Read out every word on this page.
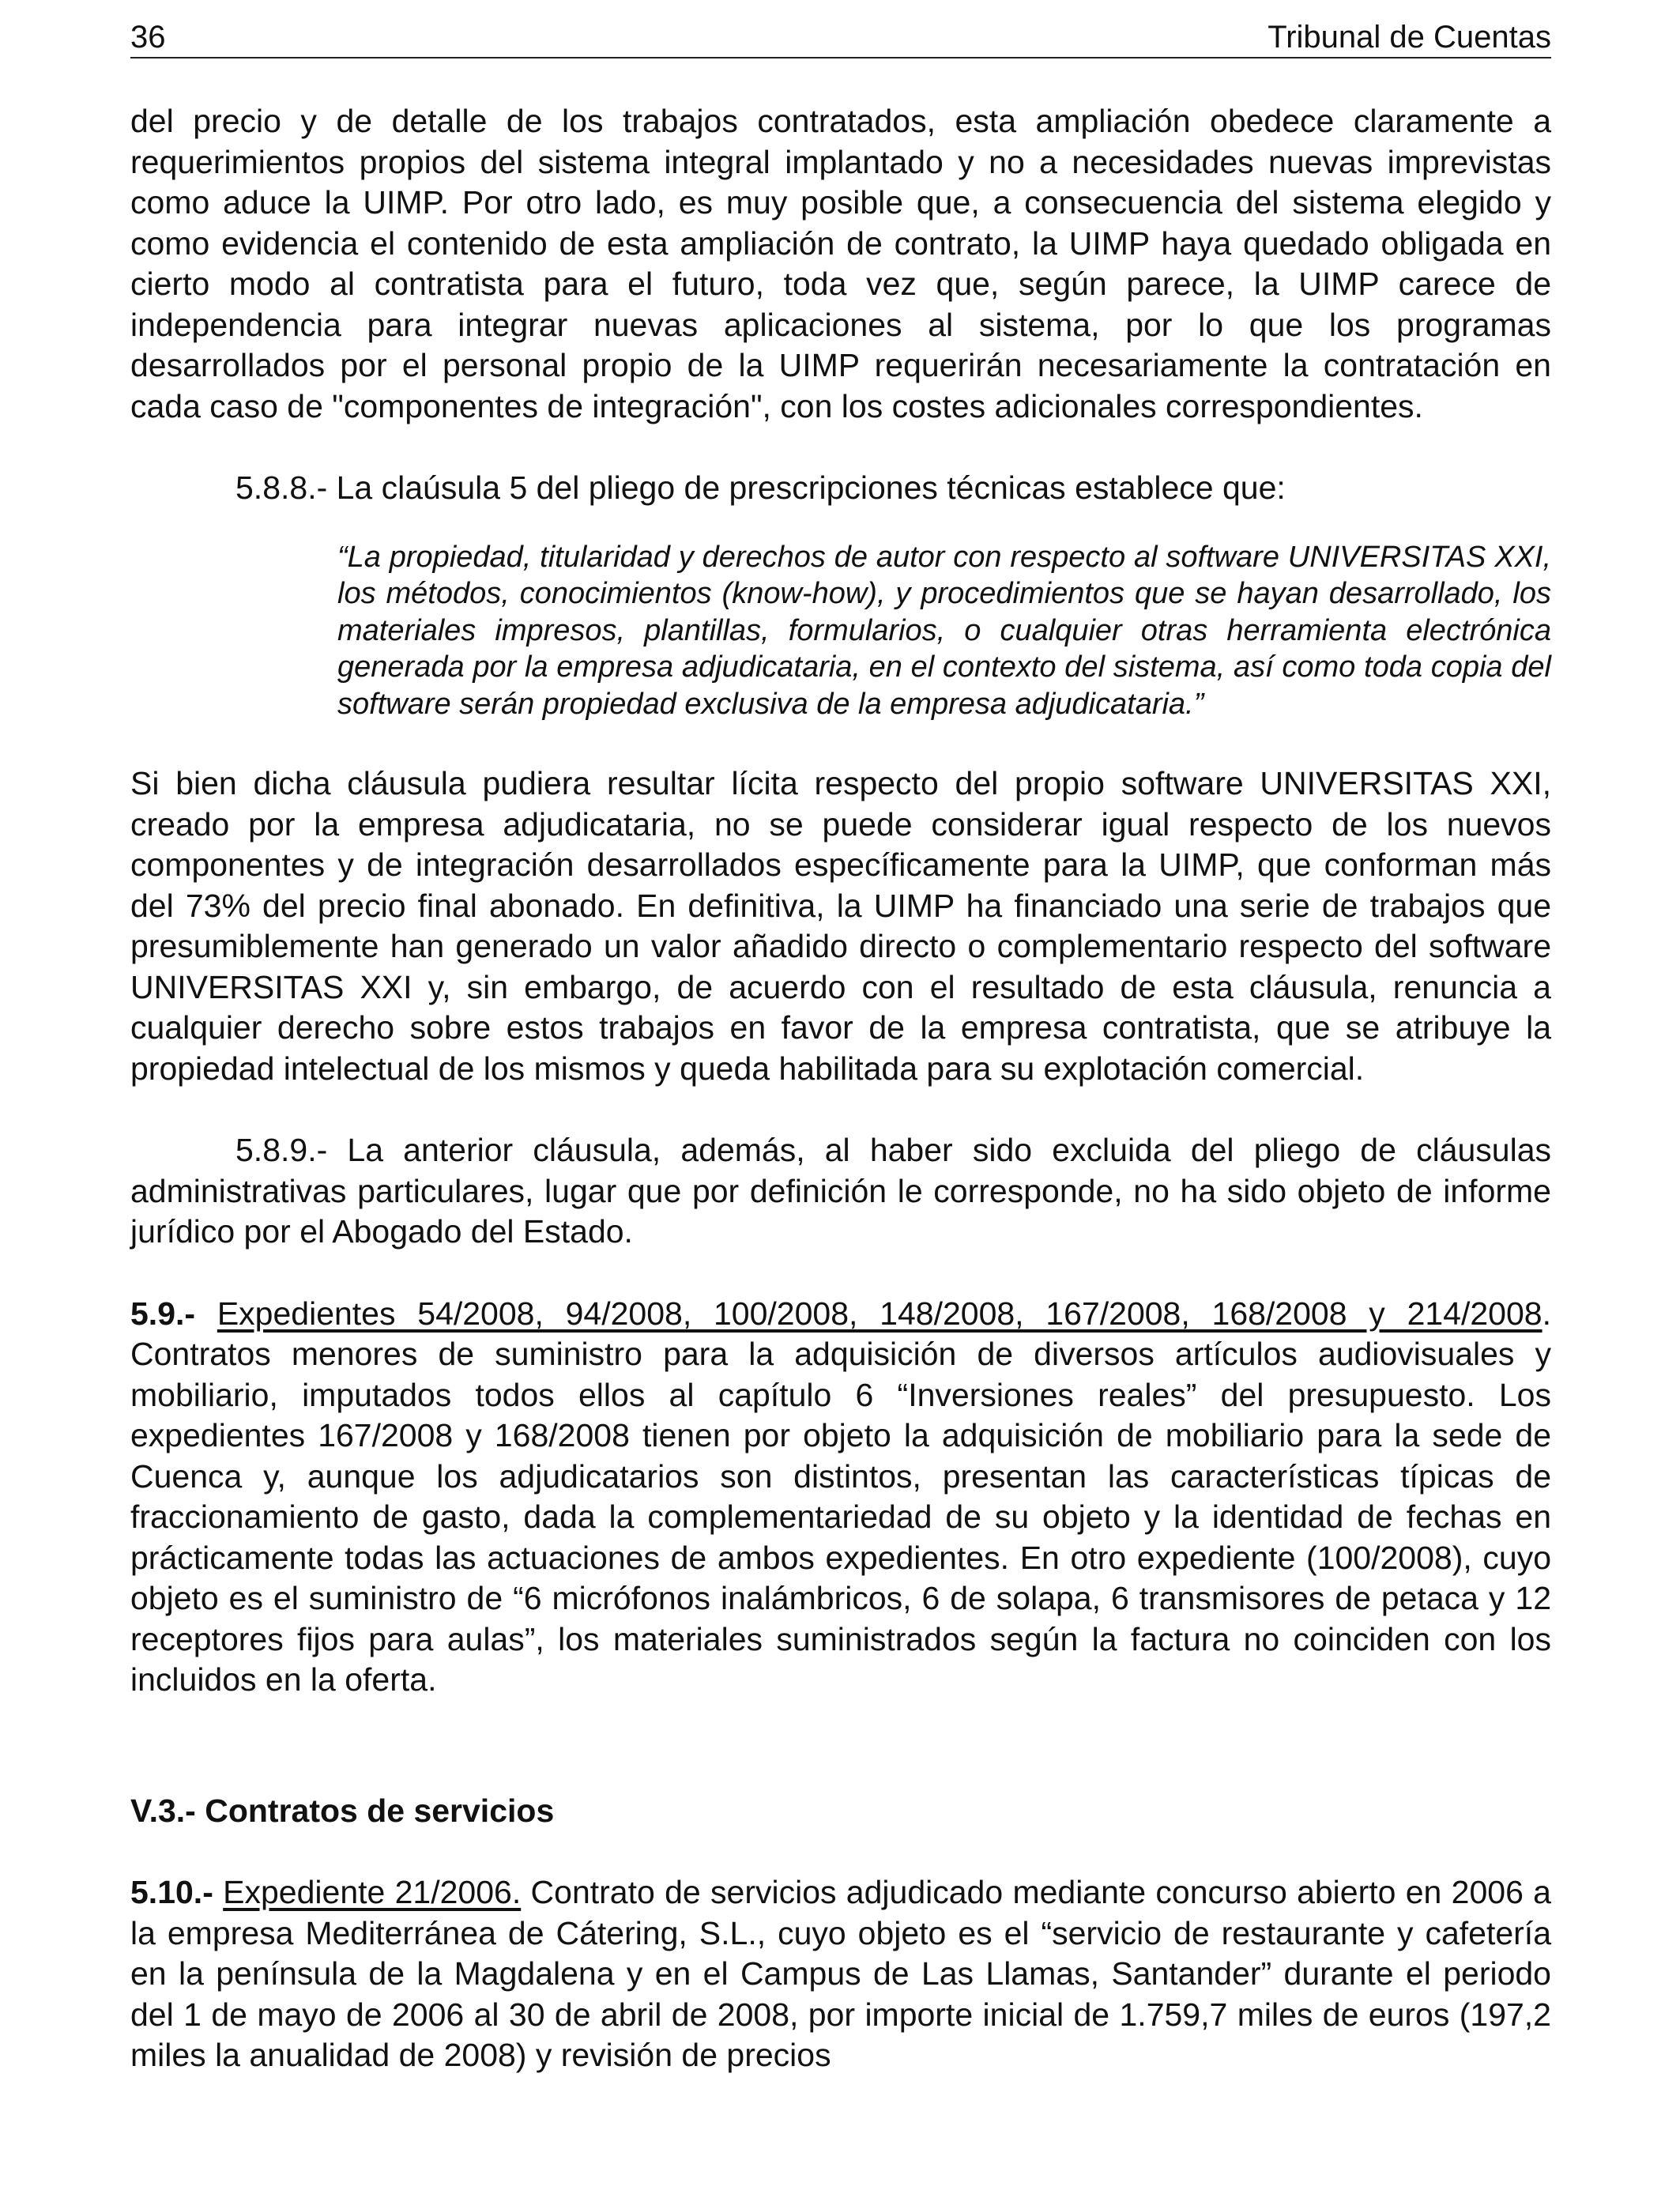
36	Tribunal de Cuentas

del precio y de detalle de los trabajos contratados, esta ampliación obedece claramente a requerimientos propios del sistema integral implantado y no a necesidades nuevas imprevistas como aduce la UIMP. Por otro lado, es muy posible que, a consecuencia del sistema elegido y como evidencia el contenido de esta ampliación de contrato, la UIMP haya quedado obligada en cierto modo al contratista para el futuro, toda vez que, según parece, la UIMP carece de independencia para integrar nuevas aplicaciones al sistema, por lo que los programas desarrollados por el personal propio de la UIMP requerirán necesariamente la contratación en cada caso de "componentes de integración", con los costes adicionales correspondientes.

5.8.8.- La claúsula 5 del pliego de prescripciones técnicas establece que:

“La propiedad, titularidad y derechos de autor con respecto al software UNIVERSITAS XXI, los métodos, conocimientos (know-how), y procedimientos que se hayan desarrollado, los materiales impresos, plantillas, formularios, o cualquier otras herramienta electrónica generada por la empresa adjudicataria, en el contexto del sistema, así como toda copia del software serán propiedad exclusiva de la empresa adjudicataria.”

Si bien dicha cláusula pudiera resultar lícita respecto del propio software UNIVERSITAS XXI, creado por la empresa adjudicataria, no se puede considerar igual respecto de los nuevos componentes y de integración desarrollados específicamente para la UIMP, que conforman más del 73% del precio final abonado. En definitiva, la UIMP ha financiado una serie de trabajos que presumiblemente han generado un valor añadido directo o complementario respecto del software UNIVERSITAS XXI y, sin embargo, de acuerdo con el resultado de esta cláusula, renuncia a cualquier derecho sobre estos trabajos en favor de la empresa contratista, que se atribuye la propiedad intelectual de los mismos y queda habilitada para su explotación comercial.

5.8.9.- La anterior cláusula, además, al haber sido excluida del pliego de cláusulas administrativas particulares, lugar que por definición le corresponde, no ha sido objeto de informe jurídico por el Abogado del Estado.

5.9.- Expedientes 54/2008, 94/2008, 100/2008, 148/2008, 167/2008, 168/2008 y 214/2008. Contratos menores de suministro para la adquisición de diversos artículos audiovisuales y mobiliario, imputados todos ellos al capítulo 6 “Inversiones reales” del presupuesto. Los expedientes 167/2008 y 168/2008 tienen por objeto la adquisición de mobiliario para la sede de Cuenca y, aunque los adjudicatarios son distintos, presentan las características típicas de fraccionamiento de gasto, dada la complementariedad de su objeto y la identidad de fechas en prácticamente todas las actuaciones de ambos expedientes. En otro expediente (100/2008), cuyo objeto es el suministro de “6 micrófonos inalámbricos, 6 de solapa, 6 transmisores de petaca y 12 receptores fijos para aulas”, los materiales suministrados según la factura no coinciden con los incluidos en la oferta.

V.3.- Contratos de servicios

5.10.- Expediente 21/2006. Contrato de servicios adjudicado mediante concurso abierto en 2006 a la empresa Mediterránea de Cátering, S.L., cuyo objeto es el “servicio de restaurante y cafetería en la península de la Magdalena y en el Campus de Las Llamas, Santander” durante el periodo del 1 de mayo de 2006 al 30 de abril de 2008, por importe inicial de 1.759,7 miles de euros (197,2 miles la anualidad de 2008) y revisión de precios
